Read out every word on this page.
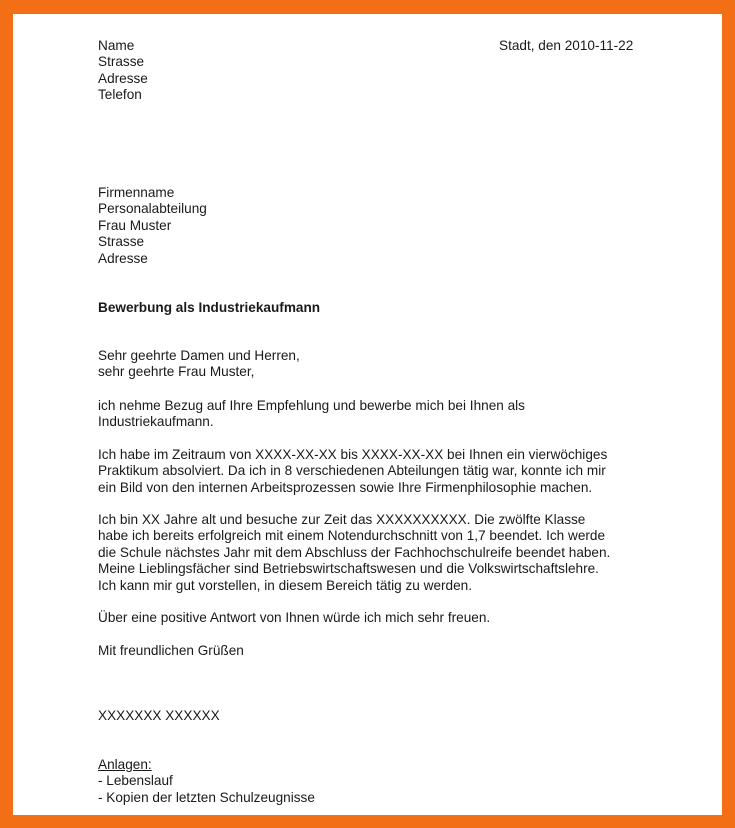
Name
Strasse
Adresse
Telefon
Stadt, den 2010-11-22
Firmenname
Personalabteilung
Frau Muster
Strasse
Adresse
Bewerbung als Industriekaufmann
Sehr geehrte Damen und Herren,
sehr geehrte Frau Muster,
ich nehme Bezug auf Ihre Empfehlung und bewerbe mich bei Ihnen als
Industriekaufmann.
Ich habe im Zeitraum von XXXX-XX-XX bis XXXX-XX-XX bei Ihnen ein vierwöchiges
Praktikum absolviert. Da ich in 8 verschiedenen Abteilungen tätig war, konnte ich mir
ein Bild von den internen Arbeitsprozessen sowie Ihre Firmenphilosophie machen.
Ich bin XX Jahre alt und besuche zur Zeit das XXXXXXXXXX. Die zwölfte Klasse
habe ich bereits erfolgreich mit einem Notendurchschnitt von 1,7 beendet. Ich werde
die Schule nächstes Jahr mit dem Abschluss der Fachhochschulreife beendet haben.
Meine Lieblingsfächer sind Betriebswirtschaftswesen und die Volkswirtschaftslehre.
Ich kann mir gut vorstellen, in diesem Bereich tätig zu werden.
Über eine positive Antwort von Ihnen würde ich mich sehr freuen.
Mit freundlichen Grüßen
XXXXXXX XXXXXX
Anlagen:
- Lebenslauf
- Kopien der letzten Schulzeugnisse
